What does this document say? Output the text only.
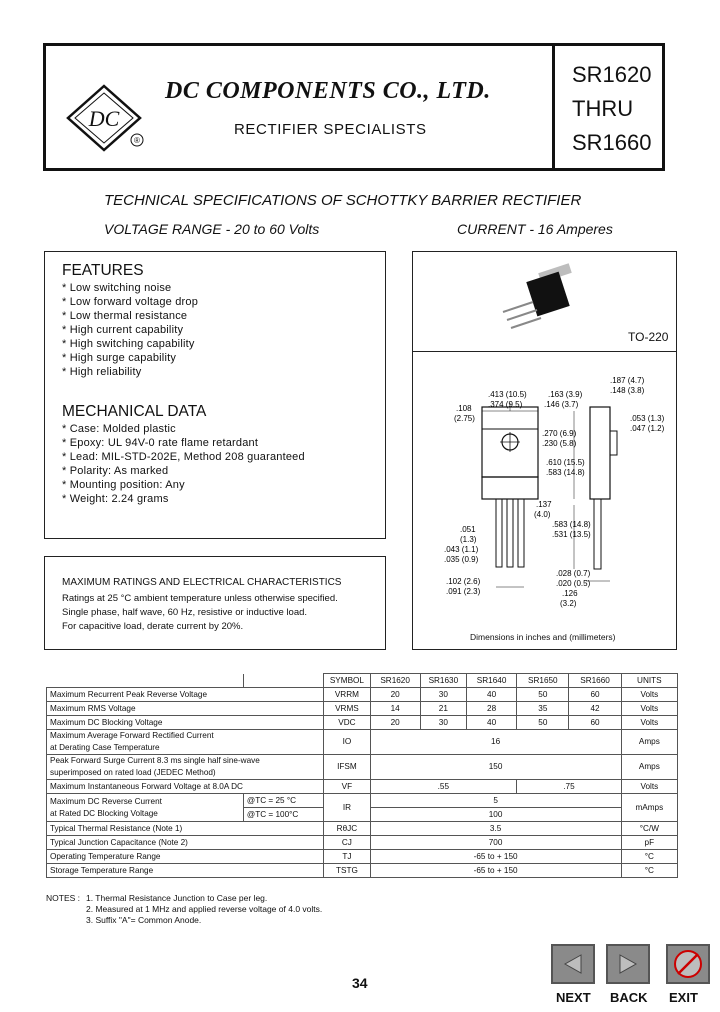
DC
®
DC COMPONENTS CO., LTD.
RECTIFIER SPECIALISTS
SR1620
THRU
SR1660
TECHNICAL SPECIFICATIONS OF SCHOTTKY BARRIER RECTIFIER
VOLTAGE RANGE - 20 to 60 Volts	CURRENT - 16 Amperes
FEATURES
* Low switching noise
* Low forward voltage drop
* Low thermal resistance
* High current capability
* High switching capability
* High surge capability
* High reliability
MECHANICAL DATA
* Case: Molded plastic
* Epoxy: UL 94V-0 rate flame retardant
* Lead: MIL-STD-202E, Method 208 guaranteed
* Polarity: As marked
* Mounting position: Any
* Weight: 2.24 grams
MAXIMUM RATINGS AND ELECTRICAL CHARACTERISTICS
Ratings at 25 °C ambient temperature unless otherwise specified.
Single phase, half wave, 60 Hz, resistive or inductive load.
For capacitive load, derate current by 20%.
TO-220
.413 (10.5)
.374 (9.5)
.108
(2.75)
.163 (3.9)
.146 (3.7)
.187 (4.7)
.148 (3.8)
.053 (1.3)
.047 (1.2)
.270 (6.9)
.230 (5.8)
.610 (15.5)
.583 (14.8)
.137
(4.0)
.583 (14.8)
.531 (13.5)
.051
(1.3)
.043 (1.1)
.035 (0.9)
.102 (2.6)
.091 (2.3)
.028 (0.7)
.020 (0.5)
.126
(3.2)
Dimensions in inches and (millimeters)
		SYMBOL	SR1620	SR1630	SR1640	SR1650	SR1660	UNITS
Maximum Recurrent Peak Reverse Voltage		VRRM	20	30	40	50	60	Volts
Maximum RMS Voltage		VRMS	14	21	28	35	42	Volts
Maximum DC Blocking Voltage		VDC	20	30	40	50	60	Volts

Maximum Average Forward Rectified Current
at Derating Case Temperature		IO	16					Amps

Peak Forward Surge Current 8.3 ms single half sine-wave
superimposed on rated load (JEDEC Method)		IFSM	150					Amps
Maximum Instantaneous Forward Voltage at 8.0A DC		VF	.55			.75		Volts

Maximum DC Reverse Current
at Rated DC Blocking Voltage	@TC = 25 °C	IR	5					mAmps
	@TC = 100°C		100					
Typical Thermal Resistance (Note 1)		RθJC	3.5					°C/W
Typical Junction Capacitance (Note 2)		CJ	700					pF
Operating Temperature Range		TJ	-65 to + 150					°C
Storage Temperature Range		TSTG	-65 to + 150					°C
NOTES : 1. Thermal Resistance Junction to Case per leg.
2. Measured at 1 MHz and applied reverse voltage of 4.0 volts.
3. Suffix "A"= Common Anode.
34
NEXT BACK EXIT
